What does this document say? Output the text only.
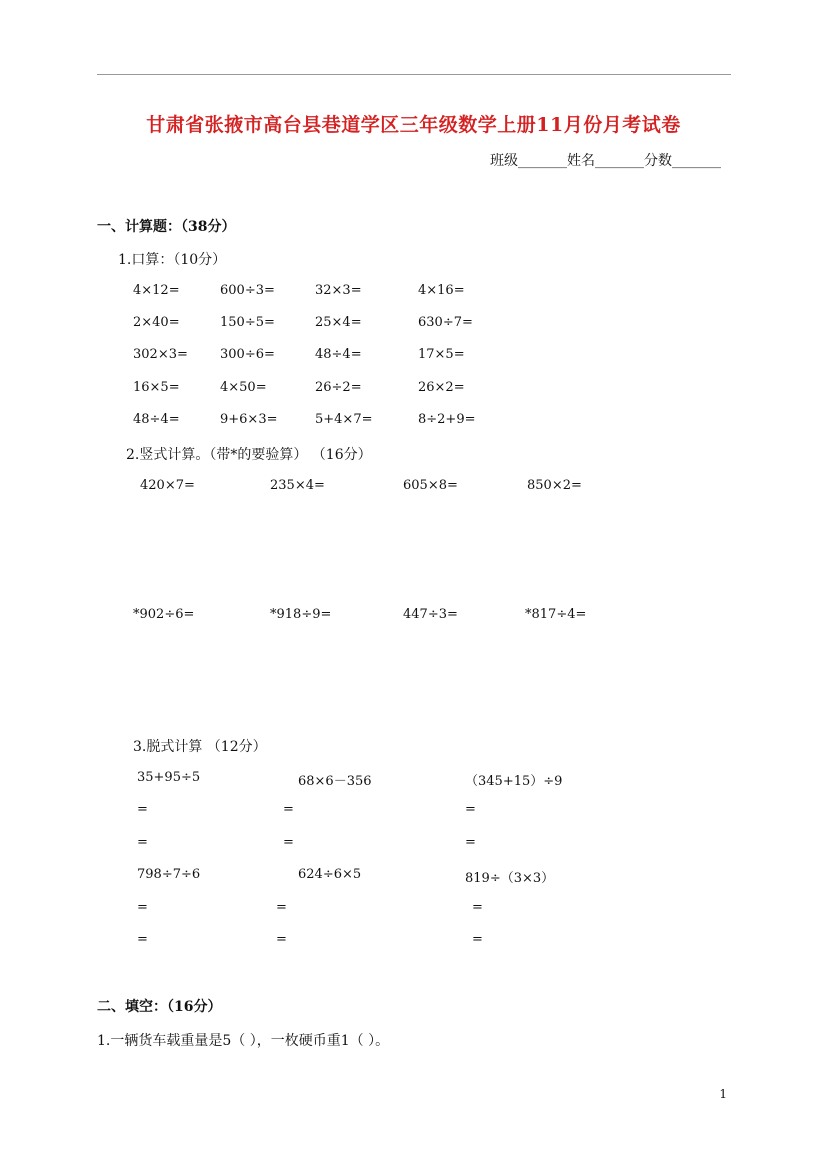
甘肃省张掖市高台县巷道学区三年级数学上册11月份月考试卷
班级_______姓名_______分数_______
一、计算题：（38分）
1.口算：（10分）
4×12=	600÷3=	32×3=	4×16=
2×40=	150÷5=	25×4=	630÷7=
302×3= 300÷6=	48÷4=	17×5=
16×5=	4×50=	26÷2=	26×2=
48÷4=	9+6×3=	5+4×7=	8÷2+9=
2.竖式计算。（带*的要验算） （16分）
420×7=	235×4=	605×8=	850×2=
*902÷6=	*918÷9=	447÷3=	*817÷4=
3.脱式计算 （12分）
35+95÷5	68×6－356	（345+15）÷9
=	=	=
=	=	=
798÷7÷6	624÷6×5	819÷（3×3）
=	=	=
=	=	=
二、填空：（16分）
1.一辆货车载重量是5（ ），一枚硬币重1（ ）。
1
